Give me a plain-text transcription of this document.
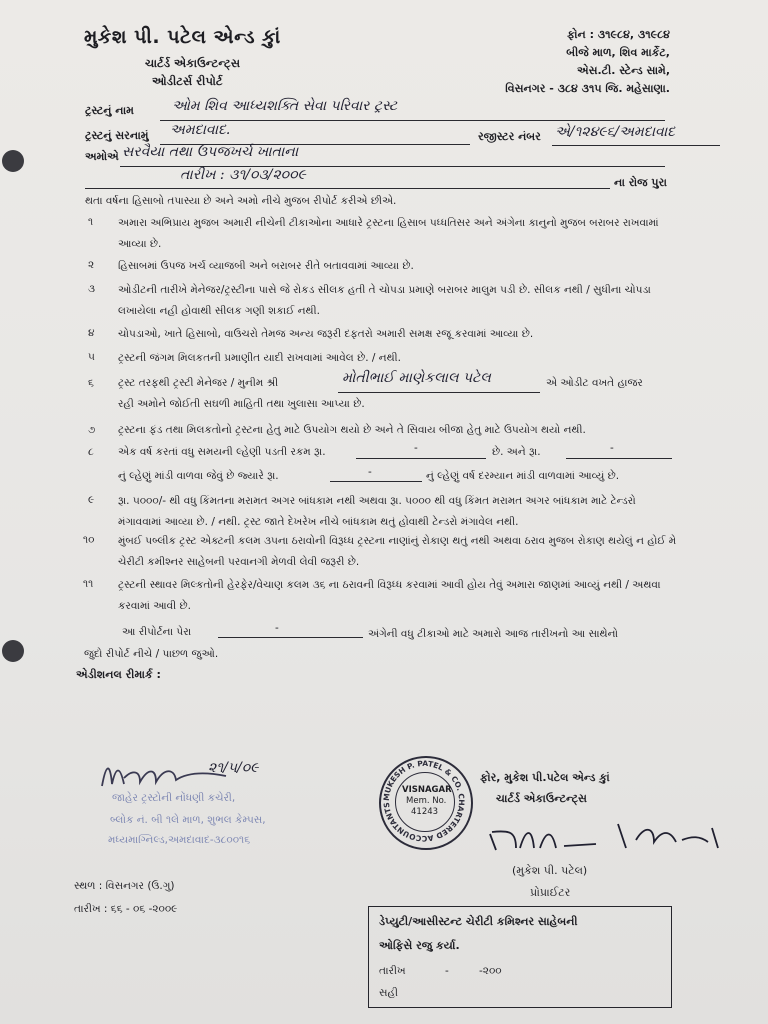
મુકેશ પી. પટેલ એન્ડ કાું
ચાર્ટર્ડ એકાઉન્ટન્ટ્સ
ઓડીટર્સ રીપોર્ટ
ફોન : ૩૧૯૮૪, ૩૧૯૮૪
બીજે માળ, શિવ માર્કેટ,
એસ.ટી. સ્ટેન્ડ સામે,
વિસનગર - ૩૮૪ ૩૧૫ જિ. મહેસાણા.
ટ્રસ્ટનું નામ	ઓમ શિવ આધ્યશક્તિ સેવા પરિવાર ટ્રસ્ટ
ટ્રસ્ટનું સરનામું અમદાવાદ.	રજીસ્ટર નંબર એ/૧૨૪૯૬/અમદાવાદ
અમોએ સરવૈયા તથા ઉપજખર્ચ ખાતાના
તારીખ : ૩૧/૦૩/૨૦૦૯	ના રોજ પુરા
થતા વર્ષના હિસાબો તપાસ્યા છે અને અમો નીચે મુજબ રીપોર્ટ કરીએ છીએ.
૧ અમારા અભિપ્રાય મુજબ અમારી નીચેની ટીકાઓના આધારે ટ્રસ્ટના હિસાબ પધ્ધતિસર અને અંગેના કાનુનો મુજબ બરાબર રાખવામાં આવ્યા છે.
૨ હિસાબમાં ઉપજ ખર્ચ વ્યાજબી અને બરાબર રીતે બતાવવામાં આવ્યા છે.
૩ ઓડીટની તારીખે મેનેજર/ટ્રસ્ટીના પાસે જે રોકડ સીલક હતી તે ચોપડા પ્રમાણે બરાબર માલુમ પડી છે. સીલક નથી / સુધીના ચોપડા લખાયેલા નહી હોવાથી સીલક ગણી શકાઈ નથી.
૪ ચોપડાઓ, ખાતે હિસાબો, વાઉચરો તેમજ અન્ય જરૂરી દફતરો અમારી સમક્ષ રજૂ કરવામાં આવ્યા છે.
૫ ટ્રસ્ટની જંગમ મિલકતની પ્રમાણીત યાદી રાખવામાં આવેલ છે. / નથી.
૬ ટ્રસ્ટ તરફથી ટ્રસ્ટી મેનેજર / મુનીમ શ્રી	મોતીભાઈ માણેકલાલ પટેલ	એ ઓડીટ વખતે હાજર
રહી અમોને જોઈતી સઘળી માહિતી તથા ખુલાસા આપ્યા છે.
૭ ટ્રસ્ટના ફંડ તથા મિલકતોનો ટ્રસ્ટના હેતુ માટે ઉપયોગ થયો છે અને તે સિવાય બીજા હેતુ માટે ઉપયોગ થયો નથી.
૮ એક વર્ષ કરતાં વધુ સમયની લ્હેણી પડતી રકમ રૂા.	-	છે. અને રૂા.	-
નું લ્હેણું માંડી વાળવા જેવું છે જ્યારે રૂા.	-	નું લ્હેણું વર્ષ દરમ્યાન માંડી વાળવામાં આવ્યું છે.
૯ રૂા. ૫૦૦૦/- થી વધુ કિંમતના મરામત અગર બાંધકામ નથી અથવા રૂા. ૫૦૦૦ થી વધુ કિંમત મરામત અગર બાંધકામ માટે ટેન્ડરો મંગાવવામાં આવ્યા છે. / નથી. ટ્રસ્ટ જાતે દેખરેખ નીચે બાંધકામ થતું હોવાથી ટેન્ડરો મંગાવેલ નથી.
૧૦ મુંબઈ પબ્લીક ટ્રસ્ટ એક્ટની કલમ ૩૫ના ઠરાવોની વિરૂધ્ધ ટ્રસ્ટના નાણાંનું રોકાણ થતું નથી અથવા ઠરાવ મુજબ રોકાણ થયેલું ન હોઈ મે ચેરીટી કમીશ્નર સાહેબની પરવાનગી મેળવી લેવી જરૂરી છે.
૧૧ ટ્રસ્ટની સ્થાવર મિલ્કતોની હેરફેર/વેચાણ કલમ ૩૬ ના ઠરાવની વિરૂધ્ધ કરવામાં આવી હોય તેવું અમારા જાણમાં આવ્યું નથી / અથવા કરવામાં આવી છે.
આ રીપોર્ટના પેરા	-	અંગેની વધુ ટીકાઓ માટે અમારો આજ તારીખનો આ સાથેનો
જુદો રીપોર્ટ નીચે / પાછળ જુઓ.
એડીશનલ રીમાર્ક :
૨૧/૫/૦૯
જાહેર ટ્રસ્ટોની નોંધણી કચેરી,
બ્લોક નં. બી ૧લે માળ, શુભલ કેમ્પસ,
મધ્યમાગ્નિલ્ડ,અમદાવાદ-૩૮૦૦૧૬
MUKESH P. PATEL & CO. CHARTERED ACCOUNTANTS
VISNAGAR
Mem. No.
41243
ફોર, મુકેશ પી.પટેલ એન્ડ કાું
ચાર્ટર્ડ એકાઉન્ટન્ટ્સ
(મુકેશ પી. પટેલ)
પ્રોપ્રાઈટર
સ્થળ : વિસનગર (ઉ.ગુ)
તારીખ : ૬૬ - ૦૬ -૨૦૦૯
ડેપ્યુટી/આસીસ્ટન્ટ ચેરીટી કમિશ્નર સાહેબની
ઓફિસે રજુ કર્યા.
તારીખ	-	-૨૦૦
સહી
